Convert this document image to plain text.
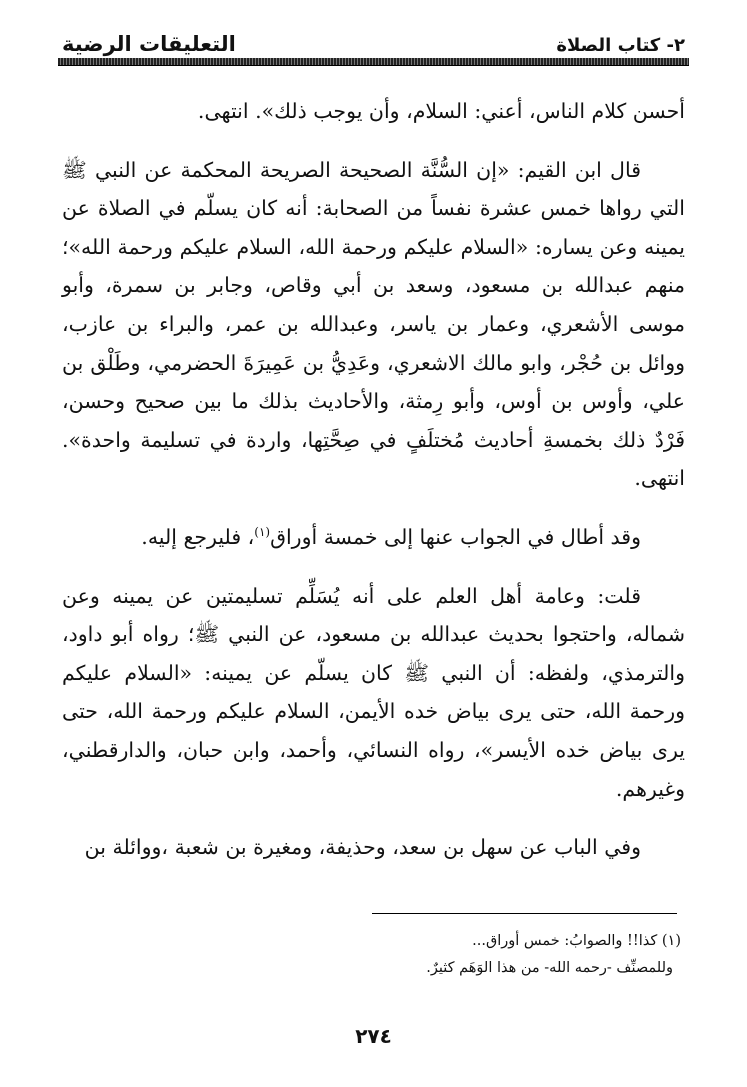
التعليقات الرضية	٢- كتاب الصلاة

أحسن كلام الناس، أعني: السلام، وأن يوجب ذلك». انتهى.

قال ابن القيم: «إن السُّنَّة الصحيحة الصريحة المحكمة عن النبي ﷺ التي رواها خمس عشرة نفساً من الصحابة: أنه كان يسلّم في الصلاة عن يمينه وعن يساره: «السلام عليكم ورحمة الله، السلام عليكم ورحمة الله»؛ منهم عبدالله بن مسعود، وسعد بن أبي وقاص، وجابر بن سمرة، وأبو موسى الأشعري، وعمار بن ياسر، وعبدالله بن عمر، والبراء بن عازب، ووائل بن حُجْر، وابو مالك الاشعري، وعَدِيُّ بن عَمِيرَةَ الحضرمي، وطَلْق بن علي، وأوس بن أوس، وأبو رِمثة، والأحاديث بذلك ما بين صحيح وحسن، فَرْدٌ ذلك بخمسةِ أحاديث مُختلَفٍ في صِحَّتِها، واردة في تسليمة واحدة». انتهى.

وقد أطال في الجواب عنها إلى خمسة أوراق$^{(١)}$، فليرجع إليه.

قلت: وعامة أهل العلم على أنه يُسَلِّم تسليمتين عن يمينه وعن شماله، واحتجوا بحديث عبدالله بن مسعود، عن النبي ﷺ؛ رواه أبو داود، والترمذي، ولفظه: أن النبي ﷺ كان يسلّم عن يمينه: «السلام عليكم ورحمة الله، حتى يرى بياض خده الأيمن، السلام عليكم ورحمة الله، حتى يرى بياض خده الأيسر»، رواه النسائي، وأحمد، وابن حبان، والدارقطني، وغيرهم.

وفي الباب عن سهل بن سعد، وحذيفة، ومغيرة بن شعبة ،ووائلة بن

(١) كذا!! والصوابُ: خمس أوراق...

وللمصنِّف -رحمه الله- من هذا الوَهَم كثيرٌ.

٢٧٤
